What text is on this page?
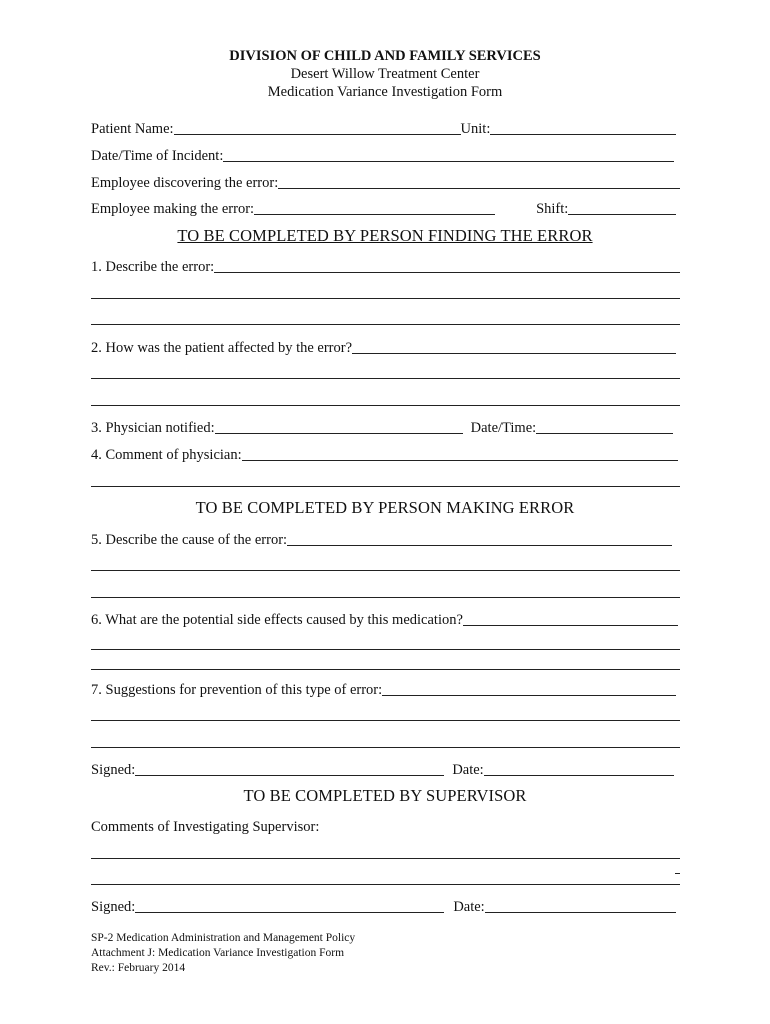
DIVISION OF CHILD AND FAMILY SERVICES
Desert Willow Treatment Center
Medication Variance Investigation Form
Patient Name:	Unit:
Date/Time of Incident:
Employee discovering the error:
Employee making the error:	Shift:
TO BE COMPLETED BY PERSON FINDING THE ERROR
1. Describe the error:
2. How was the patient affected by the error?
3. Physician notified:	Date/Time:
4. Comment of physician:
TO BE COMPLETED BY PERSON MAKING ERROR
5. Describe the cause of the error:
6. What are the potential side effects caused by this medication?
7. Suggestions for prevention of this type of error:
Signed:	Date:
TO BE COMPLETED BY SUPERVISOR
Comments of Investigating Supervisor:
Signed:	Date:
SP-2 Medication Administration and Management Policy
Attachment J: Medication Variance Investigation Form
Rev.: February 2014
